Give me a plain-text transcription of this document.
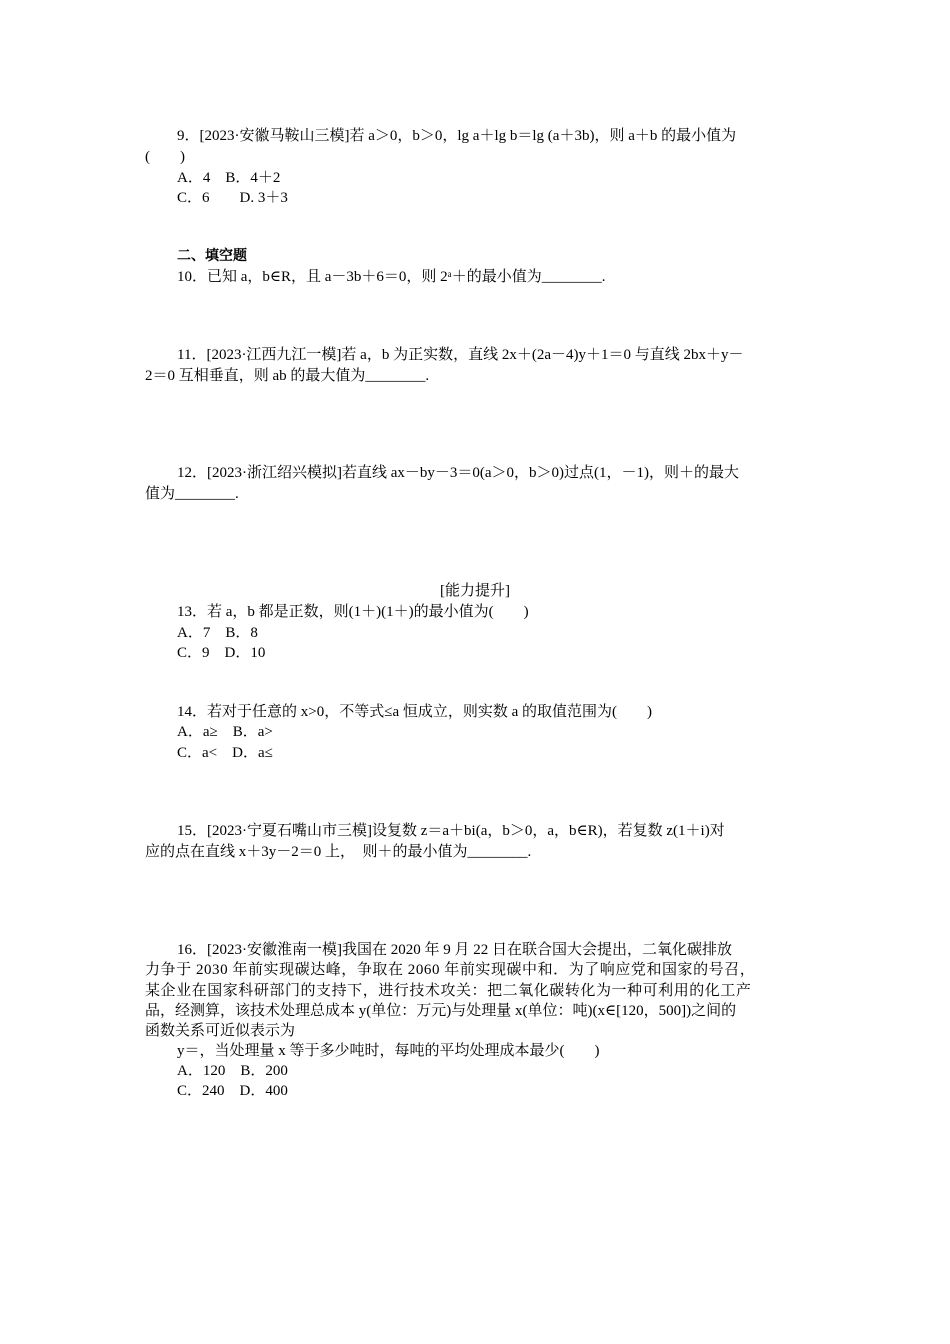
9．[2023·安徽马鞍山三模]若 a＞0，b＞0，lg a＋lg b＝lg (a＋3b)，则 a＋b 的最小值为
(　　)
A．4　B．4＋2
C．6　　D. 3＋3
二、填空题
10．已知 a，b∈R，且 a－3b＋6＝0，则 2ᵃ＋的最小值为________.
11．[2023·江西九江一模]若 a，b 为正实数，直线 2x＋(2a－4)y＋1＝0 与直线 2bx＋y－
2＝0 互相垂直，则 ab 的最大值为________.
12．[2023·浙江绍兴模拟]若直线 ax－by－3＝0(a＞0，b＞0)过点(1，－1)，则＋的最大
值为________.
[能力提升]
13．若 a，b 都是正数，则(1＋)(1＋)的最小值为(　　)
A．7　B．8
C．9　D．10
14．若对于任意的 x>0，不等式≤a 恒成立，则实数 a 的取值范围为(　　)
A．a≥　B．a>
C．a<　D．a≤
15．[2023·宁夏石嘴山市三模]设复数 z＝a＋bi(a，b＞0，a，b∈R)，若复数 z(1＋i)对
应的点在直线 x＋3y－2＝0 上，　则＋的最小值为________.
16．[2023·安徽淮南一模]我国在 2020 年 9 月 22 日在联合国大会提出，二氧化碳排放
力争于 2030 年前实现碳达峰，争取在 2060 年前实现碳中和．为了响应党和国家的号召，
某企业在国家科研部门的支持下，进行技术攻关：把二氧化碳转化为一种可利用的化工产
品，经测算，该技术处理总成本 y(单位：万元)与处理量 x(单位：吨)(x∈[120，500])之间的
函数关系可近似表示为
y＝，当处理量 x 等于多少吨时，每吨的平均处理成本最少(　　)
A．120　B．200
C．240　D．400
